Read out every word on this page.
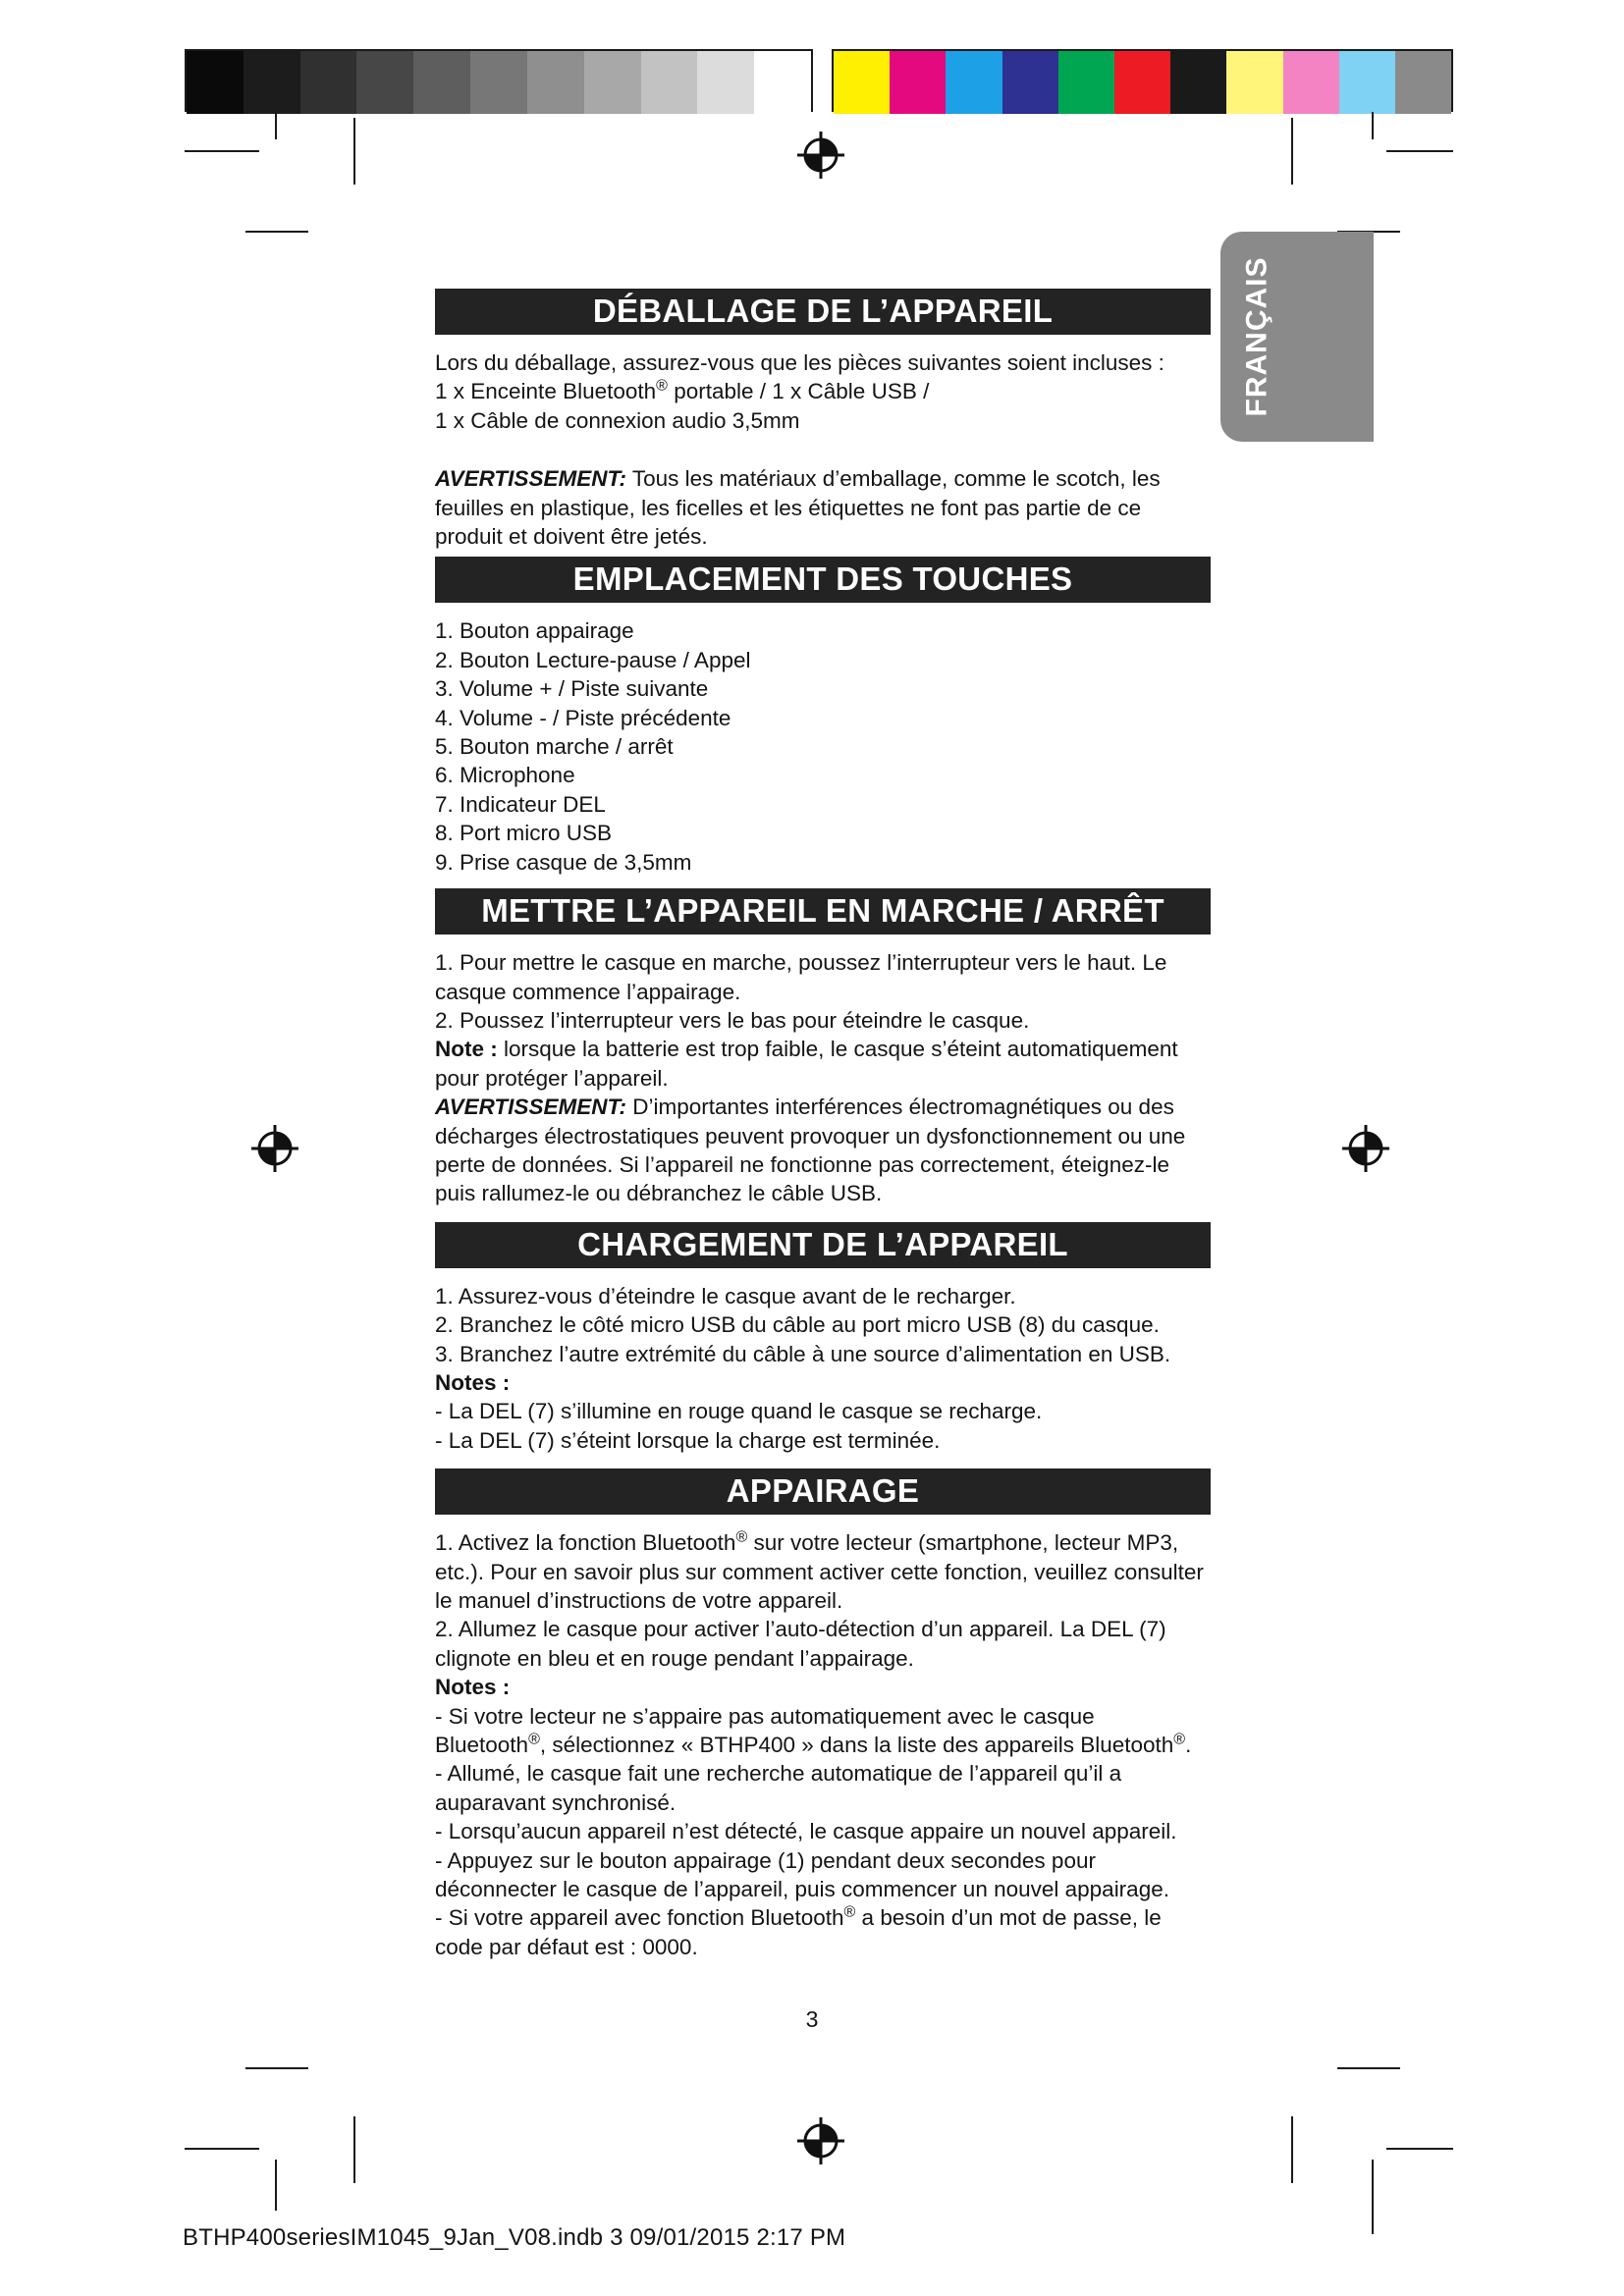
FRANÇAIS
DÉBALLAGE DE L’APPAREIL

Lors du déballage, assurez-vous que les pièces suivantes soient incluses :

1 x Enceinte Bluetooth® portable / 1 x Câble USB /

1 x Câble de connexion audio 3,5mm

AVERTISSEMENT: Tous les matériaux d’emballage, comme le scotch, les feuilles en plastique, les ficelles et les étiquettes ne font pas partie de ce produit et doivent être jetés.

EMPLACEMENT DES TOUCHES

1. Bouton appairage

2. Bouton Lecture-pause / Appel

3. Volume + / Piste suivante

4. Volume - / Piste précédente

5. Bouton marche / arrêt

6. Microphone

7. Indicateur DEL

8. Port micro USB

9. Prise casque de 3,5mm

METTRE L’APPAREIL EN MARCHE / ARRÊT

1. Pour mettre le casque en marche, poussez l’interrupteur vers le haut. Le casque commence l’appairage.

2. Poussez l’interrupteur vers le bas pour éteindre le casque.

Note : lorsque la batterie est trop faible, le casque s’éteint automatiquement pour protéger l’appareil.

AVERTISSEMENT: D’importantes interférences électromagnétiques ou des décharges électrostatiques peuvent provoquer un dysfonctionnement ou une perte de données. Si l’appareil ne fonctionne pas correctement, éteignez-le puis rallumez-le ou débranchez le câble USB.

CHARGEMENT DE L’APPAREIL

1. Assurez-vous d’éteindre le casque avant de le recharger.

2. Branchez le côté micro USB du câble au port micro USB (8) du casque.

3. Branchez l’autre extrémité du câble à une source d’alimentation en USB.

Notes :

- La DEL (7) s’illumine en rouge quand le casque se recharge.

- La DEL (7) s’éteint lorsque la charge est terminée.

APPAIRAGE

1. Activez la fonction Bluetooth® sur votre lecteur (smartphone, lecteur MP3, etc.). Pour en savoir plus sur comment activer cette fonction, veuillez consulter le manuel d’instructions de votre appareil.

2. Allumez le casque pour activer l’auto-détection d’un appareil. La DEL (7) clignote en bleu et en rouge pendant l’appairage.

Notes :

- Si votre lecteur ne s’appaire pas automatiquement avec le casque Bluetooth®, sélectionnez « BTHP400 » dans la liste des appareils Bluetooth®.

- Allumé, le casque fait une recherche automatique de l’appareil qu’il a auparavant synchronisé.

- Lorsqu’aucun appareil n’est détecté, le casque appaire un nouvel appareil.

- Appuyez sur le bouton appairage (1) pendant deux secondes pour déconnecter le casque de l’appareil, puis commencer un nouvel appairage.

- Si votre appareil avec fonction Bluetooth® a besoin d’un mot de passe, le code par défaut est : 0000.

3
BTHP400seriesIM1045_9Jan_V08.indb 3 09/01/2015 2:17 PM
